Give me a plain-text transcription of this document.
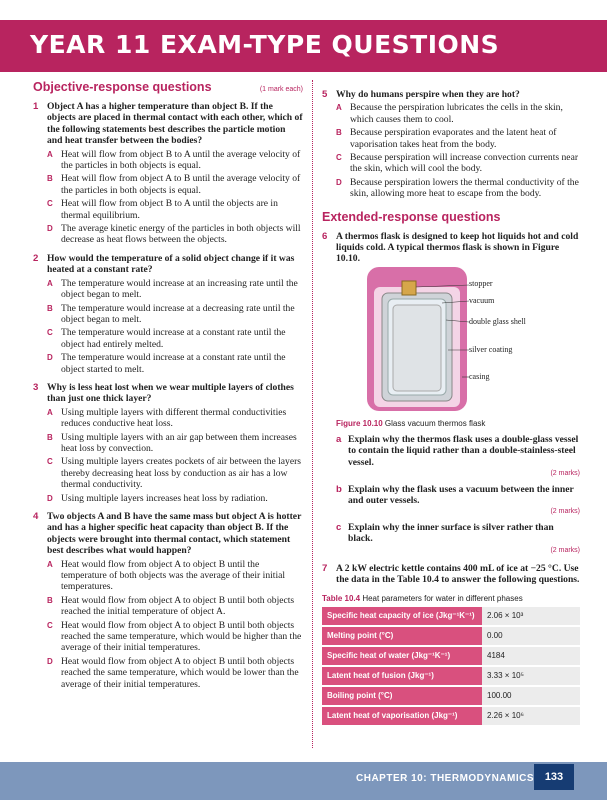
YEAR 11 EXAM-TYPE QUESTIONS
Objective-response questions	(1 mark each)
1 Object A has a higher temperature than object B. If the objects are placed in thermal contact with each other, which of the following statements best describes the particle motion and heat transfer between the bodies?
A Heat will flow from object B to A until the average velocity of the particles in both objects is equal.
B Heat will flow from object A to B until the average velocity of the particles in both objects is equal.
C Heat will flow from object B to A until the objects are in thermal equilibrium.
D The average kinetic energy of the particles in both objects will decrease as heat flows between the objects.
2 How would the temperature of a solid object change if it was heated at a constant rate?
A The temperature would increase at an increasing rate until the object began to melt.
B The temperature would increase at a decreasing rate until the object began to melt.
C The temperature would increase at a constant rate until the object had entirely melted.
D The temperature would increase at a constant rate until the object started to melt.
3 Why is less heat lost when we wear multiple layers of clothes than just one thick layer?
A Using multiple layers with different thermal conductivities reduces conductive heat loss.
B Using multiple layers with an air gap between them increases heat loss by convection.
C Using multiple layers creates pockets of air between the layers thereby decreasing heat loss by conduction as air has a low thermal conductivity.
D Using multiple layers increases heat loss by radiation.
4 Two objects A and B have the same mass but object A is hotter and has a higher specific heat capacity than object B. If the objects were brought into thermal contact, which statement best describes what would happen?
A Heat would flow from object A to object B until the temperature of both objects was the average of their initial temperatures.
B Heat would flow from object A to object B until both objects reached the initial temperature of object A.
C Heat would flow from object A to object B until both objects reached the same temperature, which would be higher than the average of their initial temperatures.
D Heat would flow from object A to object B until both objects reached the same temperature, which would be lower than the average of their initial temperatures.
5 Why do humans perspire when they are hot?
A Because the perspiration lubricates the cells in the skin, which causes them to cool.
B Because perspiration evaporates and the latent heat of vaporisation takes heat from the body.
C Because perspiration will increase convection currents near the skin, which will cool the body.
D Because perspiration lowers the thermal conductivity of the skin, allowing more heat to escape from the body.
Extended-response questions
6 A thermos flask is designed to keep hot liquids hot and cold liquids cold. A typical thermos flask is shown in Figure 10.10.
stopper
vacuum
double glass shell
silver coating
casing
Figure 10.10 Glass vacuum thermos flask
a Explain why the thermos flask uses a double-glass vessel to contain the liquid rather than a double-stainless-steel vessel.
(2 marks)
b Explain why the flask uses a vacuum between the inner and outer vessels.
(2 marks)
c Explain why the inner surface is silver rather than black.
(2 marks)
7 A 2 kW electric kettle contains 400 mL of ice at −25 °C. Use the data in the Table 10.4 to answer the following questions.
Table 10.4 Heat parameters for water in different phases
Specific heat capacity of ice (Jkg⁻¹K⁻¹)	2.06 × 10³
Melting point (°C)	0.00
Specific heat of water (Jkg⁻¹K⁻¹)	4184
Latent heat of fusion (Jkg⁻¹)	3.33 × 10⁵
Boiling point (°C)	100.00
Latent heat of vaporisation (Jkg⁻¹)	2.26 × 10⁶
CHAPTER 10: THERMODYNAMICS 133
